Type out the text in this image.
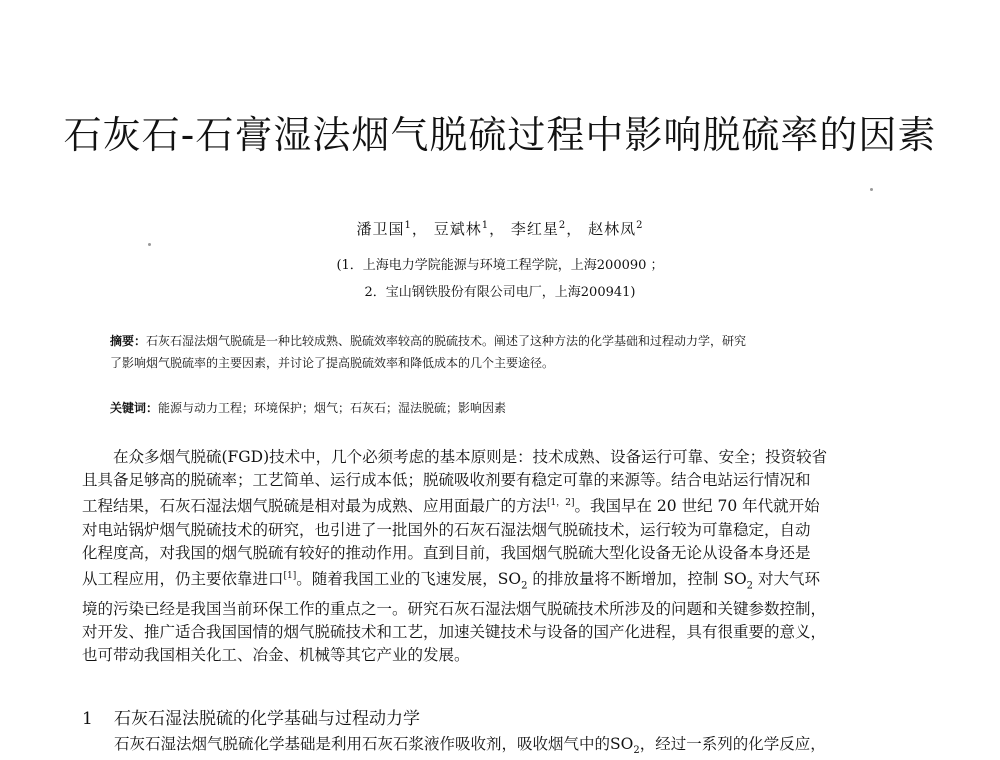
石灰石-石膏湿法烟气脱硫过程中影响脱硫率的因素
潘卫国$^1$， 豆斌林$^1$， 李红星$^2$， 赵林凤$^2$
(1．上海电力学院能源与环境工程学院，上海200090 ；
2．宝山钢铁股份有限公司电厂，上海200941)
摘要：石灰石湿法烟气脱硫是一种比较成熟、脱硫效率较高的脱硫技术。阐述了这种方法的化学基础和过程动力学，研究
了影响烟气脱硫率的主要因素，并讨论了提高脱硫效率和降低成本的几个主要途径。
关键词：能源与动力工程；环境保护；烟气；石灰石；湿法脱硫；影响因素
在众多烟气脱硫(FGD)技术中，几个必须考虑的基本原则是：技术成熟、设备运行可靠、安全；投资较省
且具备足够高的脱硫率；工艺简单、运行成本低；脱硫吸收剂要有稳定可靠的来源等。结合电站运行情况和
工程结果，石灰石湿法烟气脱硫是相对最为成熟、应用面最广的方法[1，2]。我国早在 20 世纪 70 年代就开始
对电站锅炉烟气脱硫技术的研究，也引进了一批国外的石灰石湿法烟气脱硫技术，运行较为可靠稳定，自动
化程度高，对我国的烟气脱硫有较好的推动作用。直到目前，我国烟气脱硫大型化设备无论从设备本身还是
从工程应用，仍主要依靠进口[1]。随着我国工业的飞速发展，$SO_2$ 的排放量将不断增加，控制 $SO_2$ 对大气环
境的污染已经是我国当前环保工作的重点之一。研究石灰石湿法烟气脱硫技术所涉及的问题和关键参数控制，
对开发、推广适合我国国情的烟气脱硫技术和工艺，加速关键技术与设备的国产化进程，具有很重要的意义，
也可带动我国相关化工、冶金、机械等其它产业的发展。
1 石灰石湿法脱硫的化学基础与过程动力学
石灰石湿法烟气脱硫化学基础是利用石灰石浆液作吸收剂，吸收烟气中的$SO_2$，经过一系列的化学反应，
